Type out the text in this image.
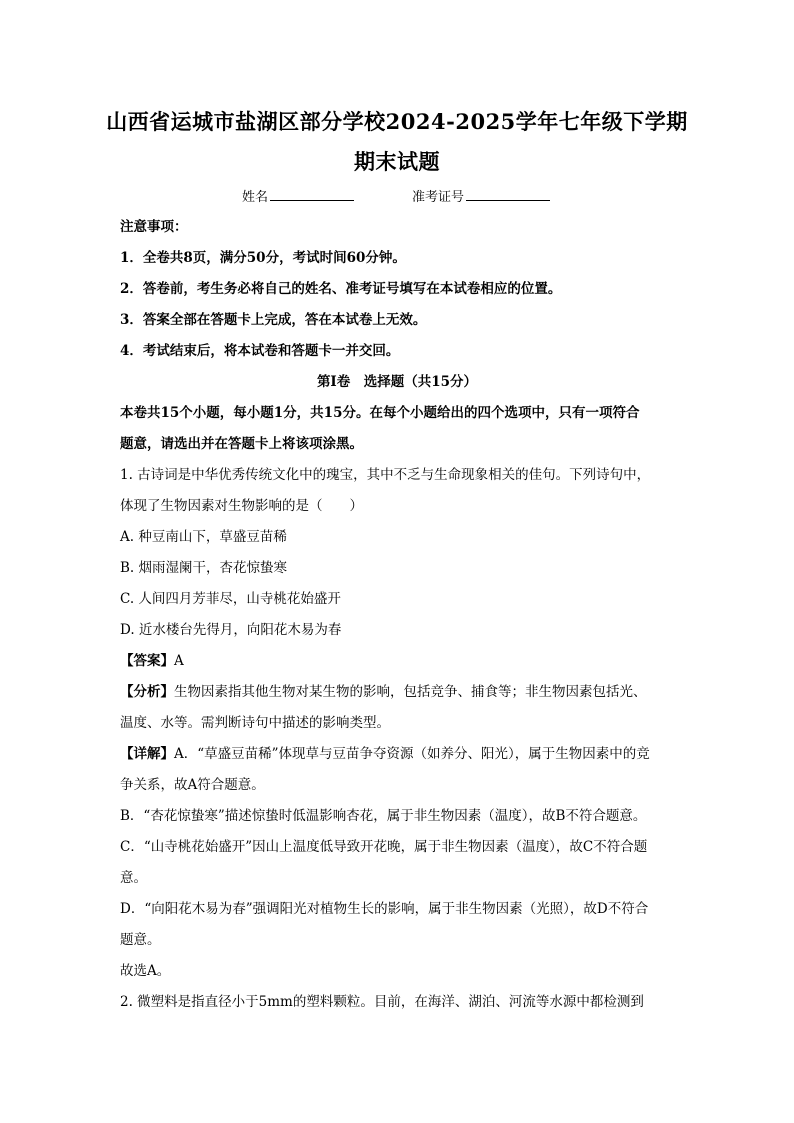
山西省运城市盐湖区部分学校2024-2025学年七年级下学期
期末试题
姓名	准考证号
注意事项：
1．全卷共8页，满分50分，考试时间60分钟。
2．答卷前，考生务必将自己的姓名、准考证号填写在本试卷相应的位置。
3．答案全部在答题卡上完成，答在本试卷上无效。
4．考试结束后，将本试卷和答题卡一并交回。
第Ⅰ卷　选择题（共15分）
本卷共15个小题，每小题1分，共15分。在每个小题给出的四个选项中，只有一项符合
题意，请选出并在答题卡上将该项涂黑。
1. 古诗词是中华优秀传统文化中的瑰宝，其中不乏与生命现象相关的佳句。下列诗句中，
体现了生物因素对生物影响的是（　　）
A. 种豆南山下，草盛豆苗稀
B. 烟雨湿阑干，杏花惊蛰寒
C. 人间四月芳菲尽，山寺桃花始盛开
D. 近水楼台先得月，向阳花木易为春
【答案】A
【分析】生物因素指其他生物对某生物的影响，包括竞争、捕食等；非生物因素包括光、
温度、水等。需判断诗句中描述的影响类型。
【详解】A．“草盛豆苗稀”体现草与豆苗争夺资源（如养分、阳光），属于生物因素中的竞
争关系，故A符合题意。
B．“杏花惊蛰寒”描述惊蛰时低温影响杏花，属于非生物因素（温度），故B不符合题意。
C．“山寺桃花始盛开”因山上温度低导致开花晚，属于非生物因素（温度），故C不符合题
意。
D．“向阳花木易为春”强调阳光对植物生长的影响，属于非生物因素（光照），故D不符合
题意。
故选A。
2. 微塑料是指直径小于5mm的塑料颗粒。目前，在海洋、湖泊、河流等水源中都检测到
